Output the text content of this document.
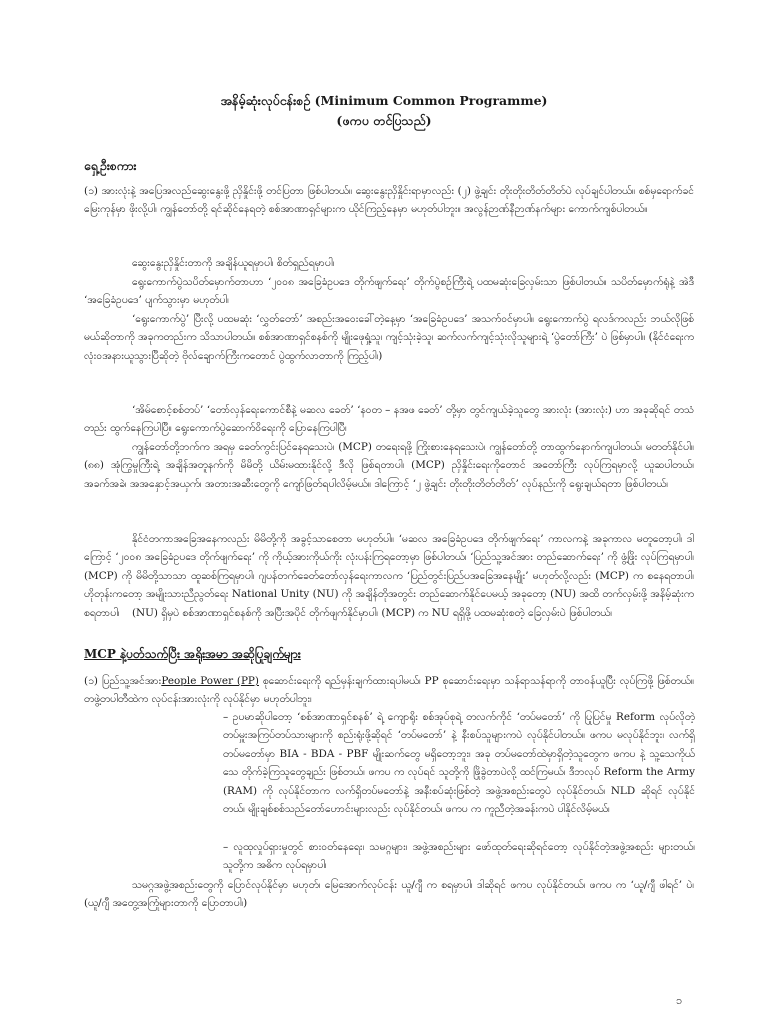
အနိမ့်ဆုံးလုပ်ငန်းစဉ် (Minimum Common Programme)
(ဖကပ တင်ပြသည်)
ရှေ့ဦးစကား

(၁) အားလုံးနဲ့ အပြေအလည်ဆွေးနွေးဖို့ ညှိနှိုင်းဖို့ တင်ပြတာ ဖြစ်ပါတယ်။ ဆွေးနွေးညှိနှိုင်းရာမှာလည်း (၂) ဖွဲ့ချင်း တိုးတိုးတိတ်တိတ်ပဲ လုပ်ချင်ပါတယ်။ စစ်မှရောက်ခင် မြေးကုန်မှာ ဖိုးလို့ပါ၊ ကျွန်တော်တို့ ရင်ဆိုင်နေရတဲ့ စစ်အာဏာရှင်များက ယိုင်ကြည့်နေမှာ မဟုတ်ပါဘူး။ အလွန်ဉာဏ်နီဉာဏ်နက်များ ကောက်ကျစ်ပါတယ်။

ဆွေးနွေးညှိနှိုင်းတာကို အချိန်ယူရမှာပါ၊ စိတ်ရှည်ရမှာပါ၊

ရွေးကောက်ပွဲသပိတ်မှောက်တာဟာ ‘၂၀၀၈ အခြေခံဥပဒေ တိုက်ဖျက်ရေး’ တိုက်ပွဲစဉ်ကြီးရဲ့ ပထမဆုံးခြေလှမ်းသာ ဖြစ်ပါတယ်။ သပိတ်မှောက်ရုံနဲ့ အဲဒီ ‘အခြေခံဥပဒေ’ ပျက်သွားမှာ မဟုတ်ပါ၊

‘ရွေးကောက်ပွဲ’ ပြီးလို့ ပထမဆုံး ‘လွှတ်တော်’ အစည်းအဝေးခေါ်တဲ့နေ့မှာ ‘အခြေခံဥပဒေ’ အသက်ဝင်မှာပါ။ ရွေးကောက်ပွဲ ရလဒ်ကလည်း ဘယ်လိုဖြစ်မယ်ဆိုတာကို အခုကတည်းက သိသာပါတယ်။ စစ်အာဏာရှင်စနစ်ကို မျိုးဖေုရှုံ့သူ၊ ကျင့်သုံးခဲ့သူ၊ ဆက်လက်ကျင့်သုံးလိုသူများရဲ့ ‘ပွဲတော်ကြီး’ ပဲ ဖြစ်မှာပါ။ (နိုင်ငံရေးက လုံးဝအနားယူသွားပြီဆိုတဲ့ ဗိုလ်ချောက်ကြီးကတောင် ပွဲထွက်လာတာကို ကြည့်ပါ၊)

‘အိမ်စောင့်စစ်တပ်’ ‘တော်လှန်ရေးကောင်စီနဲ့ မဆလ ခေတ်’ ‘နဝတ – နအဖ ခေတ်’ တို့မှာ တွင်ကျယ်ခဲ့သူတွေ အားလုံး (အားလုံး) ဟာ အခုဆိုရင် တသံတည်း ထွက်နေကြပါပြီ။ ရွေးကောက်ပွဲဆောက်ဝိရေးကို ပြောနေကြပါပြီ၊

ကျွန်တော်တို့ဘက်က အရမှ ခေတ်ကွင်းပြင်နေရသေးပဲ၊ (MCP) တရေးရဖို့ ကြိုးစားနေရသေးပဲ၊ ကျွန်တော်တို့ တာထွက်နောက်ကျပါတယ်၊ မတတ်နိုင်ပါ။ (၈၈) အုံကြွမှုကြီးရဲ့ အချိန်အတူနက်ကို မိမိတို့ ယိမ်းမထားနိုင်လို့ ဒီလို ဖြစ်ရတာပါ၊ (MCP) ညှိနှိုင်းရေးကိုတောင် အတော်ကြီး လုပ်ကြရမှာလို့ ယူဆပါတယ်၊ အခက်အခဲ၊ အအနှောင့်အယှက်၊ အတားအဆီးတွေကို ကျော်ဖြတ်ရပါလိမ့်မယ်။ ဒါကြောင့် ‘၂ ဖွဲ့ချင်း တိုးတိုးတိတ်တိတ်’ လုပ်နည်းကို ရွေးချယ်ရတာ ဖြစ်ပါတယ်၊

နိုင်ငံတကာအခြေအနေကလည်း မိမိတို့ကို အခွင့်သာစေတာ မဟုတ်ပါ။ ‘မဆလ အခြေခံဥပဒေ တိုက်ဖျက်ရေး’ ကာလကနဲ့ အခုကာလ မတူတော့ပါ၊ ဒါကြောင့် ‘၂၀၀၈ အခြေခံဥပဒေ တိုက်ဖျက်ရေး’ ကို ကိုယ့်အားကိုယ်ကိုး လုံးပန်းကြရတော့မှာ ဖြစ်ပါတယ်၊ ‘ပြည်သူ့အင်အား တည်ဆောက်ရေး’ ကို ဖွံ့ဖြိုး လုပ်ကြရမှာပါ၊ (MCP) ကို မိမိတို့သာသာ ထူဆစ်ကြရမှာပါ၊ ဂျပန်တက်ခေတ်တော်လှန်ရေးကာလက ‘ပြည်တွင်းပြည်ပအခြေအနေမျိုး’ မဟုတ်လို့လည်း (MCP) က စနေရတာပါ၊ ဟိုတုန်းကတော့ အမျိုးသားညီညွတ်ရေး National Unity (NU) ကို အချိန်တိုအတွင်း တည်ဆောက်နိုင်ပေမယ့် အခုတော့ (NU) အထိ တက်လှမ်းဖို့ အနိမ့်ဆုံးက စရတာပါ၊	(NU) ရှိမှပဲ စစ်အာဏာရှင်စနစ်ကို အပြီးအပိုင် တိုက်ဖျက်နိုင်မှာပါ၊ (MCP) က NU ရရှိဖို့ ပထမဆုံးစတဲ့ ခြေလှမ်းပဲ ဖြစ်ပါတယ်၊

MCP နဲ့ပတ်သက်ပြီး အရိုးအမာ အဆိုပြုချက်များ

(၁) ပြည်သူ့အင်အားPeople Power (PP) စုဆောင်းရေးကို ရည်မှန်းချက်ထားရပါမယ်၊ PP စုဆောင်းရေးမှာ သန်ရာသန်ရာကို တာဝန်ယူပြီး လုပ်ကြဖို့ ဖြစ်တယ်။ တဖွဲ့တပါတီထဲက လုပ်ငန်းအားလုံးကို လုပ်နိုင်မှာ မဟုတ်ပါဘူး၊

– ဥပမာဆိုပါတော့ ‘စစ်အာဏာရှင်စနစ်’ ရဲ့ ကျောရိုး စစ်အုပ်စုရဲ့ တလက်ကိုင် ‘တပ်မတော်’ ကို ပြုပြင်မှု Reform လုပ်လိုတဲ့ တပ်မှူးအကြပ်တပ်သားများကို စည်းရုံးဖို့ဆိုရင် ‘တပ်မတော်’ နဲ့ နီးစပ်သူများကပဲ လုပ်နိုင်ပါတယ်။ ဖကပ မလုပ်နိုင်ဘူး၊ လက်ရှိတပ်မတော်မှာ BIA - BDA - PBF မျိုးဆက်တွေ မရှိတော့ဘူး၊ အခု တပ်မတော်ထဲမှာရှိတဲ့သူတွေက ဖကပ နဲ့ သူ့သေကိုယ်သေ တိုက်ခဲ့ကြသူတွေချည်း ဖြစ်တယ်၊ ဖကပ က လုပ်ရင် သူတို့ကို ဖြိုခွဲတာပဲလို့ ထင်ကြမယ်၊ ဒီဘလုပ် Reform the Army (RAM) ကို လုပ်နိုင်တာက လက်ရှိတပ်မတော်နဲ့ အနီးစပ်ဆုံးဖြစ်တဲ့ အဖွဲ့အစည်းတွေပဲ လုပ်နိုင်တယ်၊ NLD ဆိုရင် လုပ်နိုင်တယ်၊ မျိုးချစ်စစ်သည်တော်ဟောင်းများလည်း လုပ်နိုင်တယ်၊ ဖကပ က ကူညီတဲ့အခန်းကပဲ ပါနိုင်လိမ့်မယ်၊

– လူထုလှုပ်ရှားမှုတွင် စားဝတ်နေရေး၊ သမဂ္ဂများ၊ အဖွဲ့အစည်းများ ဖော်ထုတ်ရေးဆိုရင်တော့ လုပ်နိုင်တဲ့အဖွဲ့အစည်း များတယ်၊ သူတို့က အဓိက လုပ်ရမှာပါ၊

သမဂ္ဂအဖွဲ့အစည်းတွေကို ပြောင်လုပ်နိုင်မှာ မဟုတ်၊ မြေအောက်လုပ်ငန်း ယူ/ဂျီ က စရမှာပါ၊ ဒါဆိုရင် ဖကပ လုပ်နိုင်တယ်၊ ဖကပ က ‘ယူ/ဂျီ ဖါရင်’ ပဲ၊ (ယူ/ဂျီ အတွေ့အကြုံများတာကို ပြောတာပါ၊)

၁
